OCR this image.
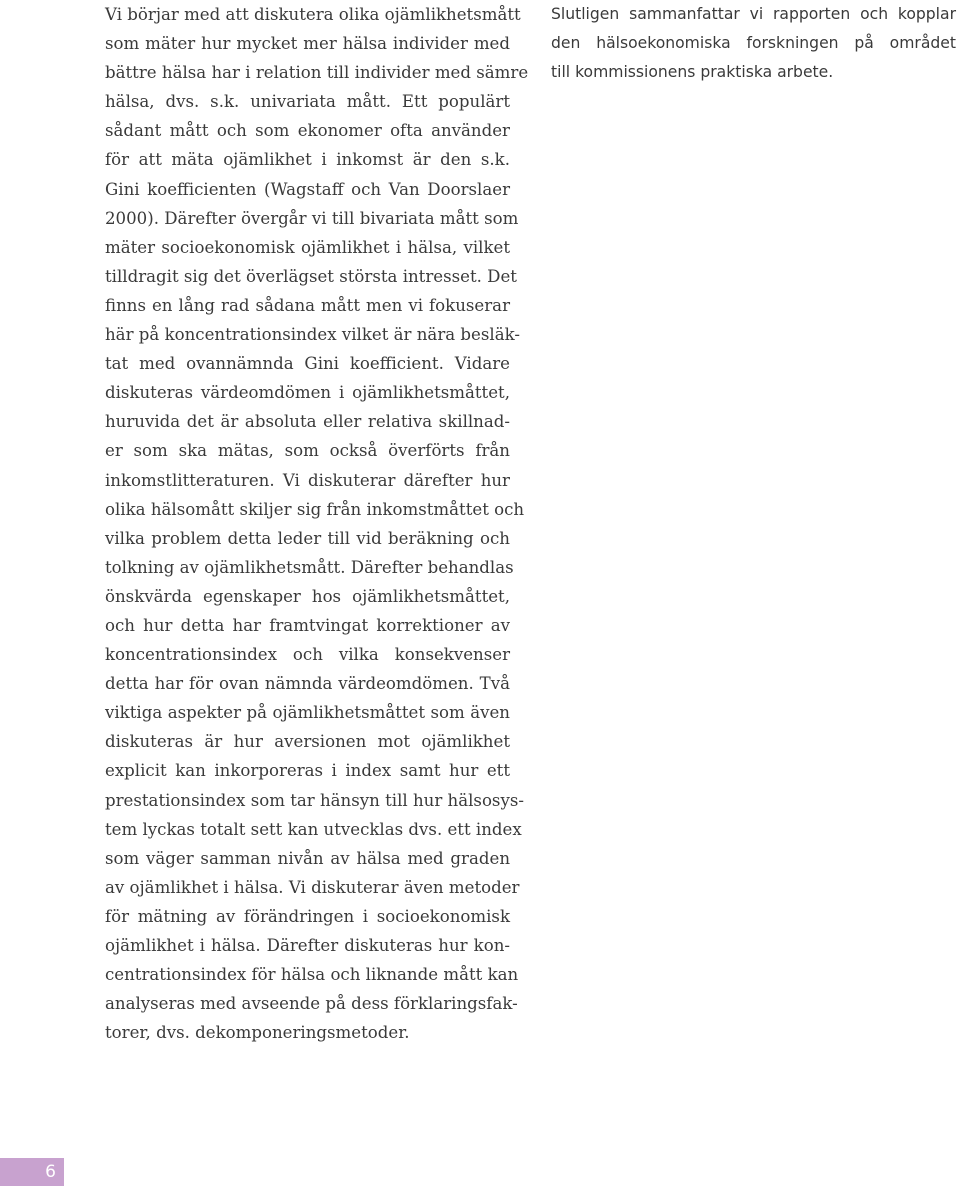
Vi börjar med att diskutera olika ojämlikhetsmått
som mäter hur mycket mer hälsa individer med
bättre hälsa har i relation till individer med sämre
hälsa, dvs. s.k. univariata mått. Ett populärt
sådant mått och som ekonomer ofta använder
för att mäta ojämlikhet i inkomst är den s.k.
Gini koefficienten (Wagstaff och Van Doorslaer
2000). Därefter övergår vi till bivariata mått som
mäter socioekonomisk ojämlikhet i hälsa, vilket
tilldragit sig det överlägset största intresset. Det
finns en lång rad sådana mått men vi fokuserar
här på koncentrationsindex vilket är nära besläk-
tat med ovannämnda Gini koefficient. Vidare
diskuteras värdeomdömen i ojämlikhetsmåttet,
huruvida det är absoluta eller relativa skillnad-
er som ska mätas, som också överförts från
inkomstlitteraturen. Vi diskuterar därefter hur
olika hälsomått skiljer sig från inkomstmåttet och
vilka problem detta leder till vid beräkning och
tolkning av ojämlikhetsmått. Därefter behandlas
önskvärda egenskaper hos ojämlikhetsmåttet,
och hur detta har framtvingat korrektioner av
koncentrationsindex och vilka konsekvenser
detta har för ovan nämnda värdeomdömen. Två
viktiga aspekter på ojämlikhetsmåttet som även
diskuteras är hur aversionen mot ojämlikhet
explicit kan inkorporeras i index samt hur ett
prestationsindex som tar hänsyn till hur hälsosys-
tem lyckas totalt sett kan utvecklas dvs. ett index
som väger samman nivån av hälsa med graden
av ojämlikhet i hälsa. Vi diskuterar även metoder
för mätning av förändringen i socioekonomisk
ojämlikhet i hälsa. Därefter diskuteras hur kon-
centrationsindex för hälsa och liknande mått kan
analyseras med avseende på dess förklaringsfak-
torer, dvs. dekomponeringsmetoder.
Slutligen sammanfattar vi rapporten och kopplar
den hälsoekonomiska forskningen på området
till kommissionens praktiska arbete.
6
